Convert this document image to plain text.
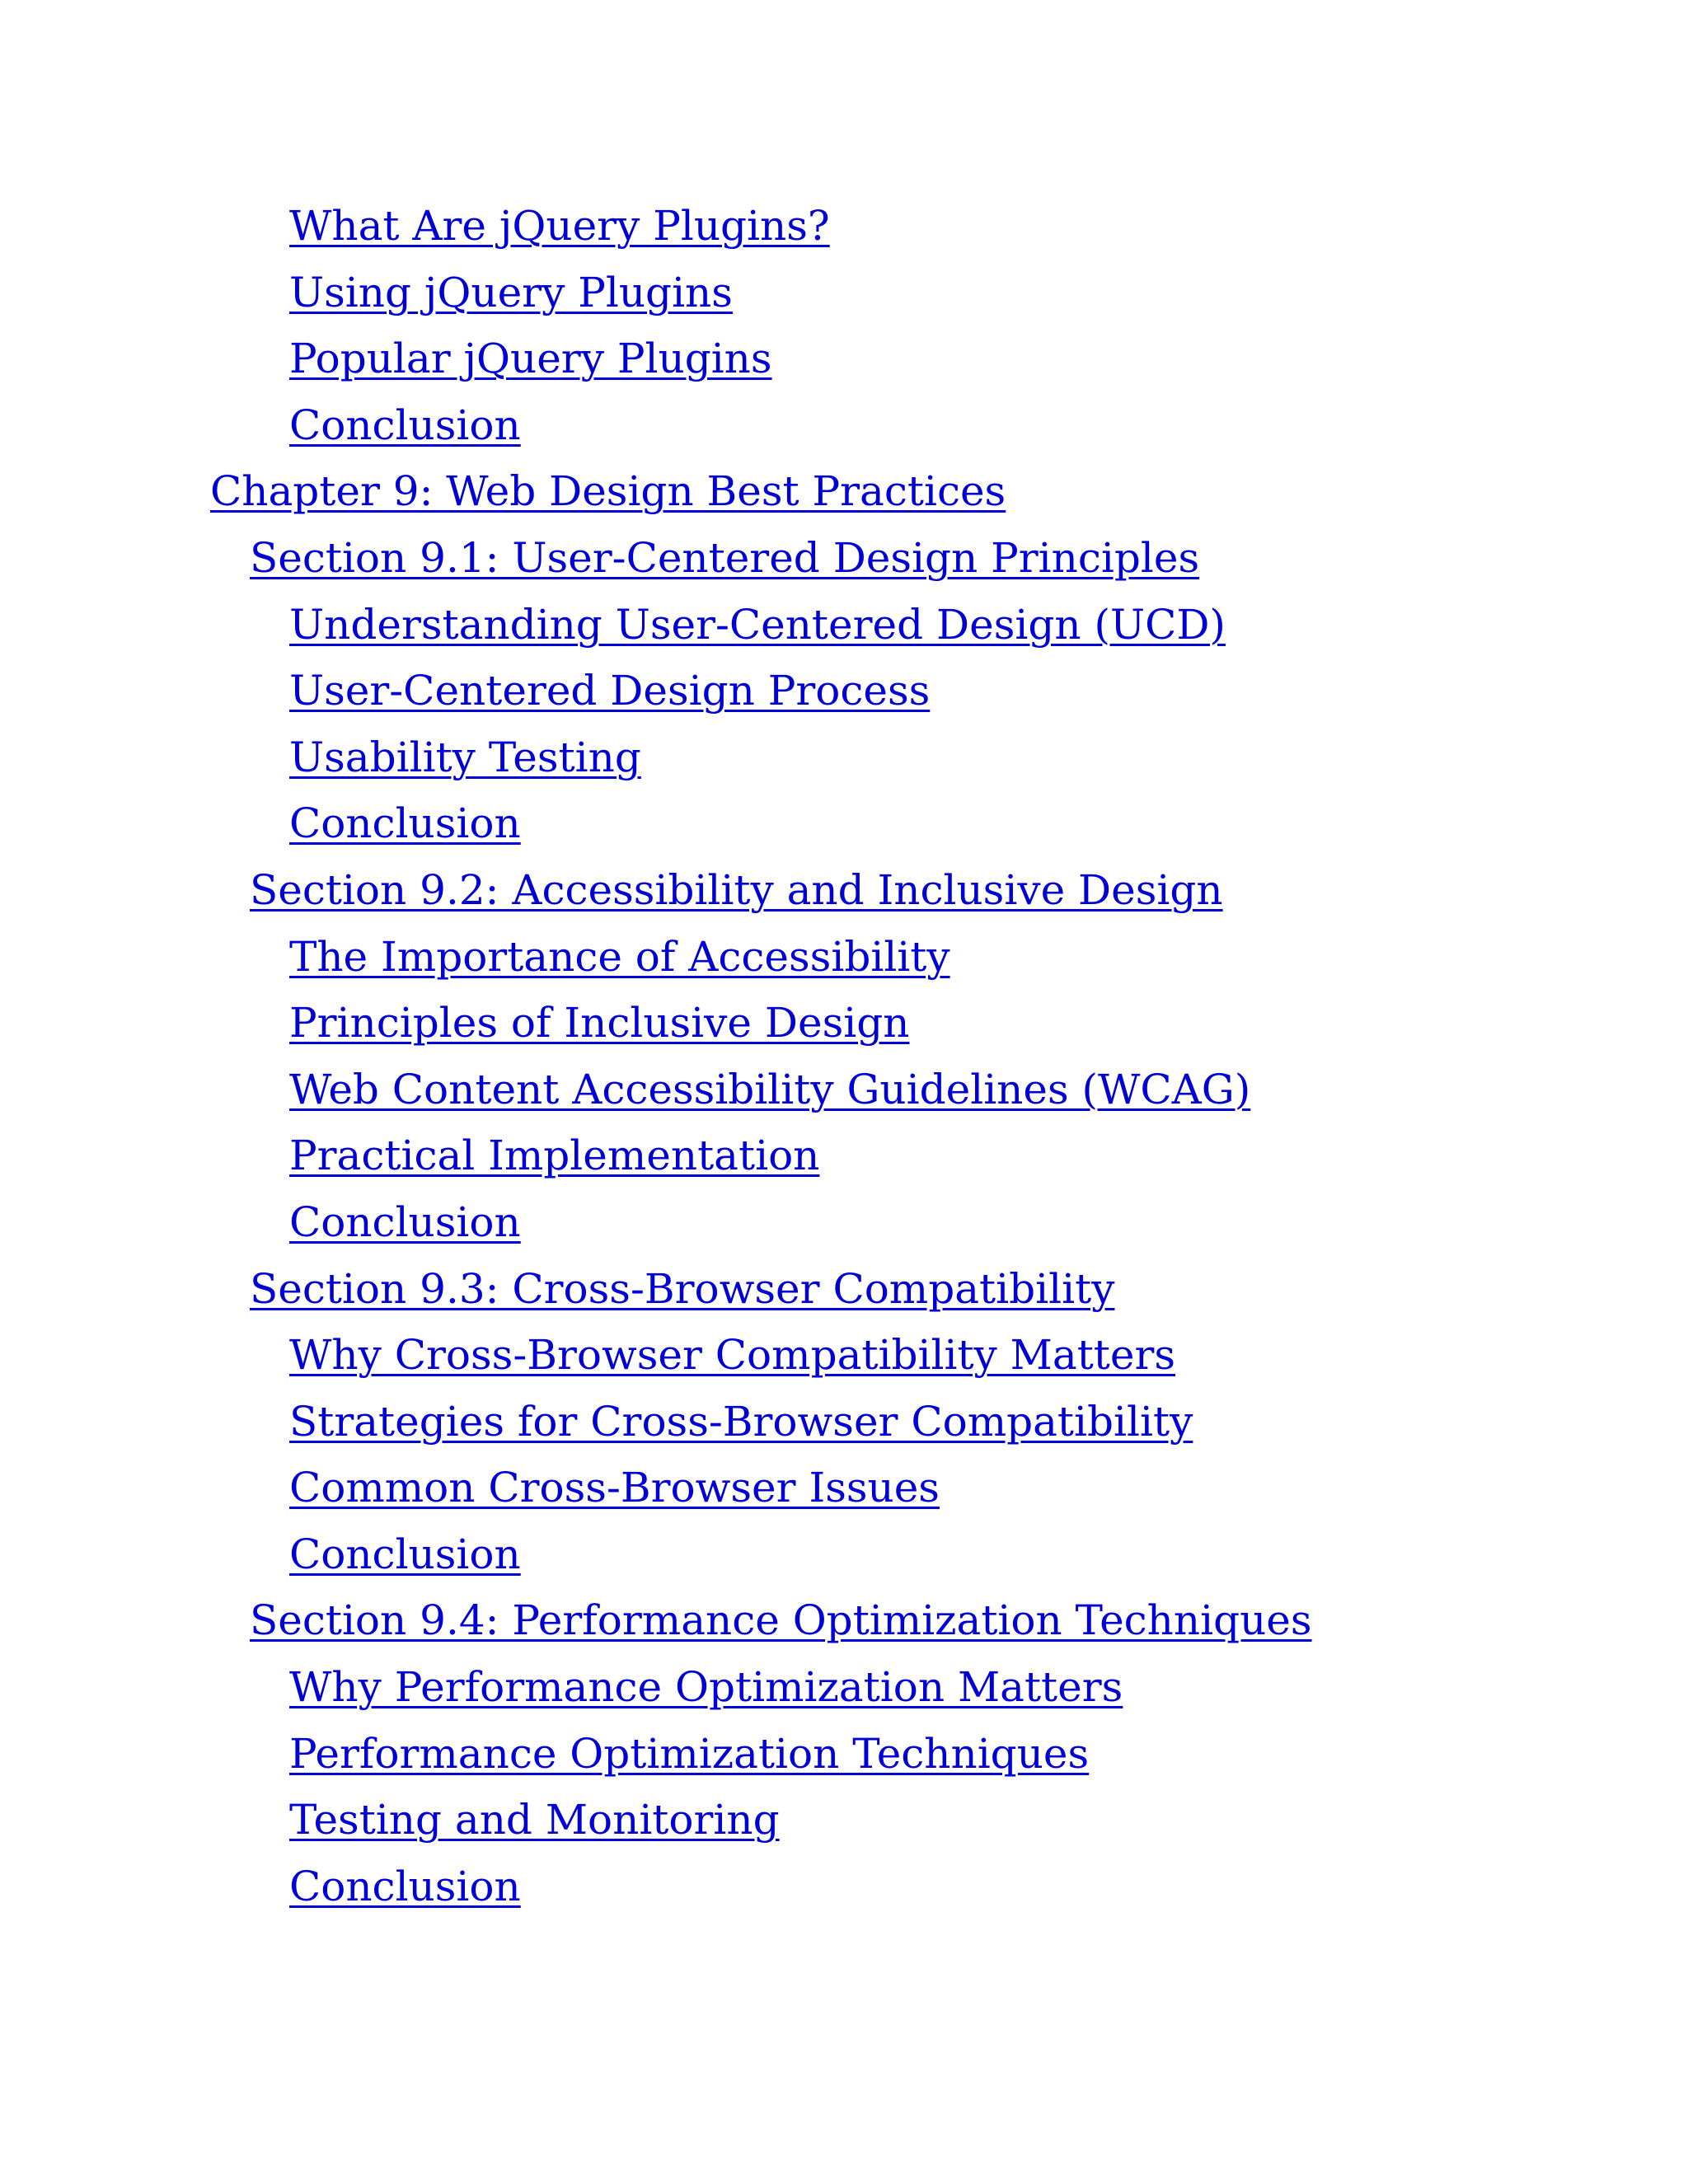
What Are jQuery Plugins?
Using jQuery Plugins
Popular jQuery Plugins
Conclusion
Chapter 9: Web Design Best Practices
Section 9.1: User-Centered Design Principles
Understanding User-Centered Design (UCD)
User-Centered Design Process
Usability Testing
Conclusion
Section 9.2: Accessibility and Inclusive Design
The Importance of Accessibility
Principles of Inclusive Design
Web Content Accessibility Guidelines (WCAG)
Practical Implementation
Conclusion
Section 9.3: Cross-Browser Compatibility
Why Cross-Browser Compatibility Matters
Strategies for Cross-Browser Compatibility
Common Cross-Browser Issues
Conclusion
Section 9.4: Performance Optimization Techniques
Why Performance Optimization Matters
Performance Optimization Techniques
Testing and Monitoring
Conclusion
